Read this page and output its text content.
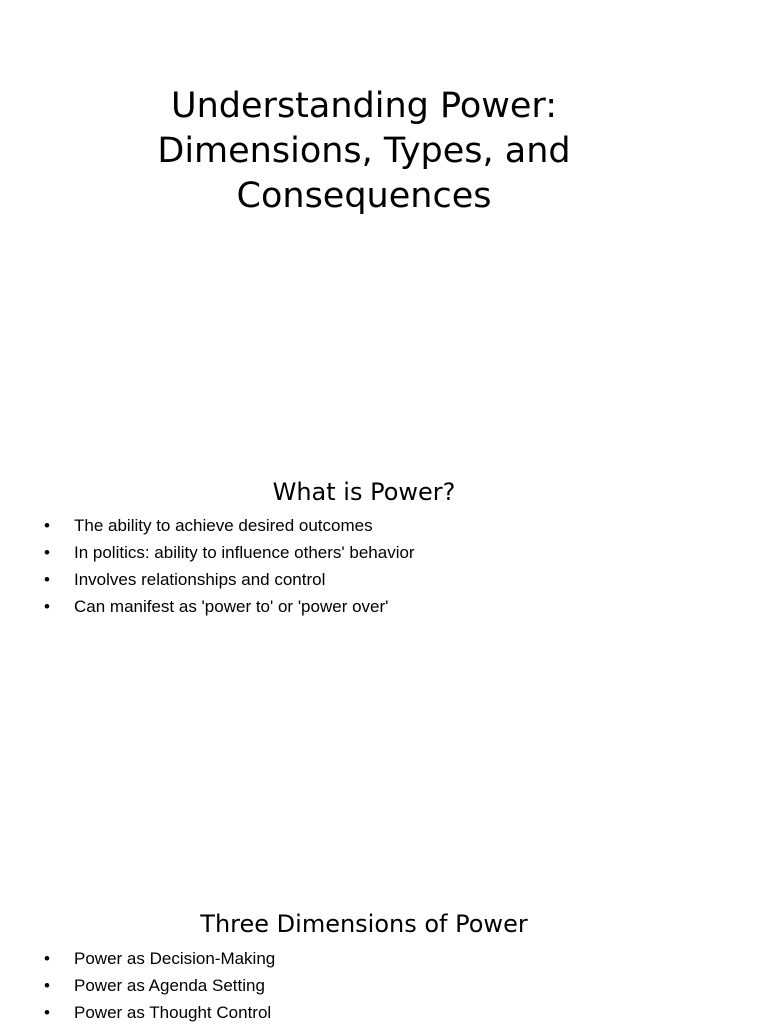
Understanding Power:
Dimensions, Types, and
Consequences
What is Power?
• The ability to achieve desired outcomes
• In politics: ability to influence others' behavior
• Involves relationships and control
• Can manifest as 'power to' or 'power over'
Three Dimensions of Power
• Power as Decision-Making
• Power as Agenda Setting
• Power as Thought Control
